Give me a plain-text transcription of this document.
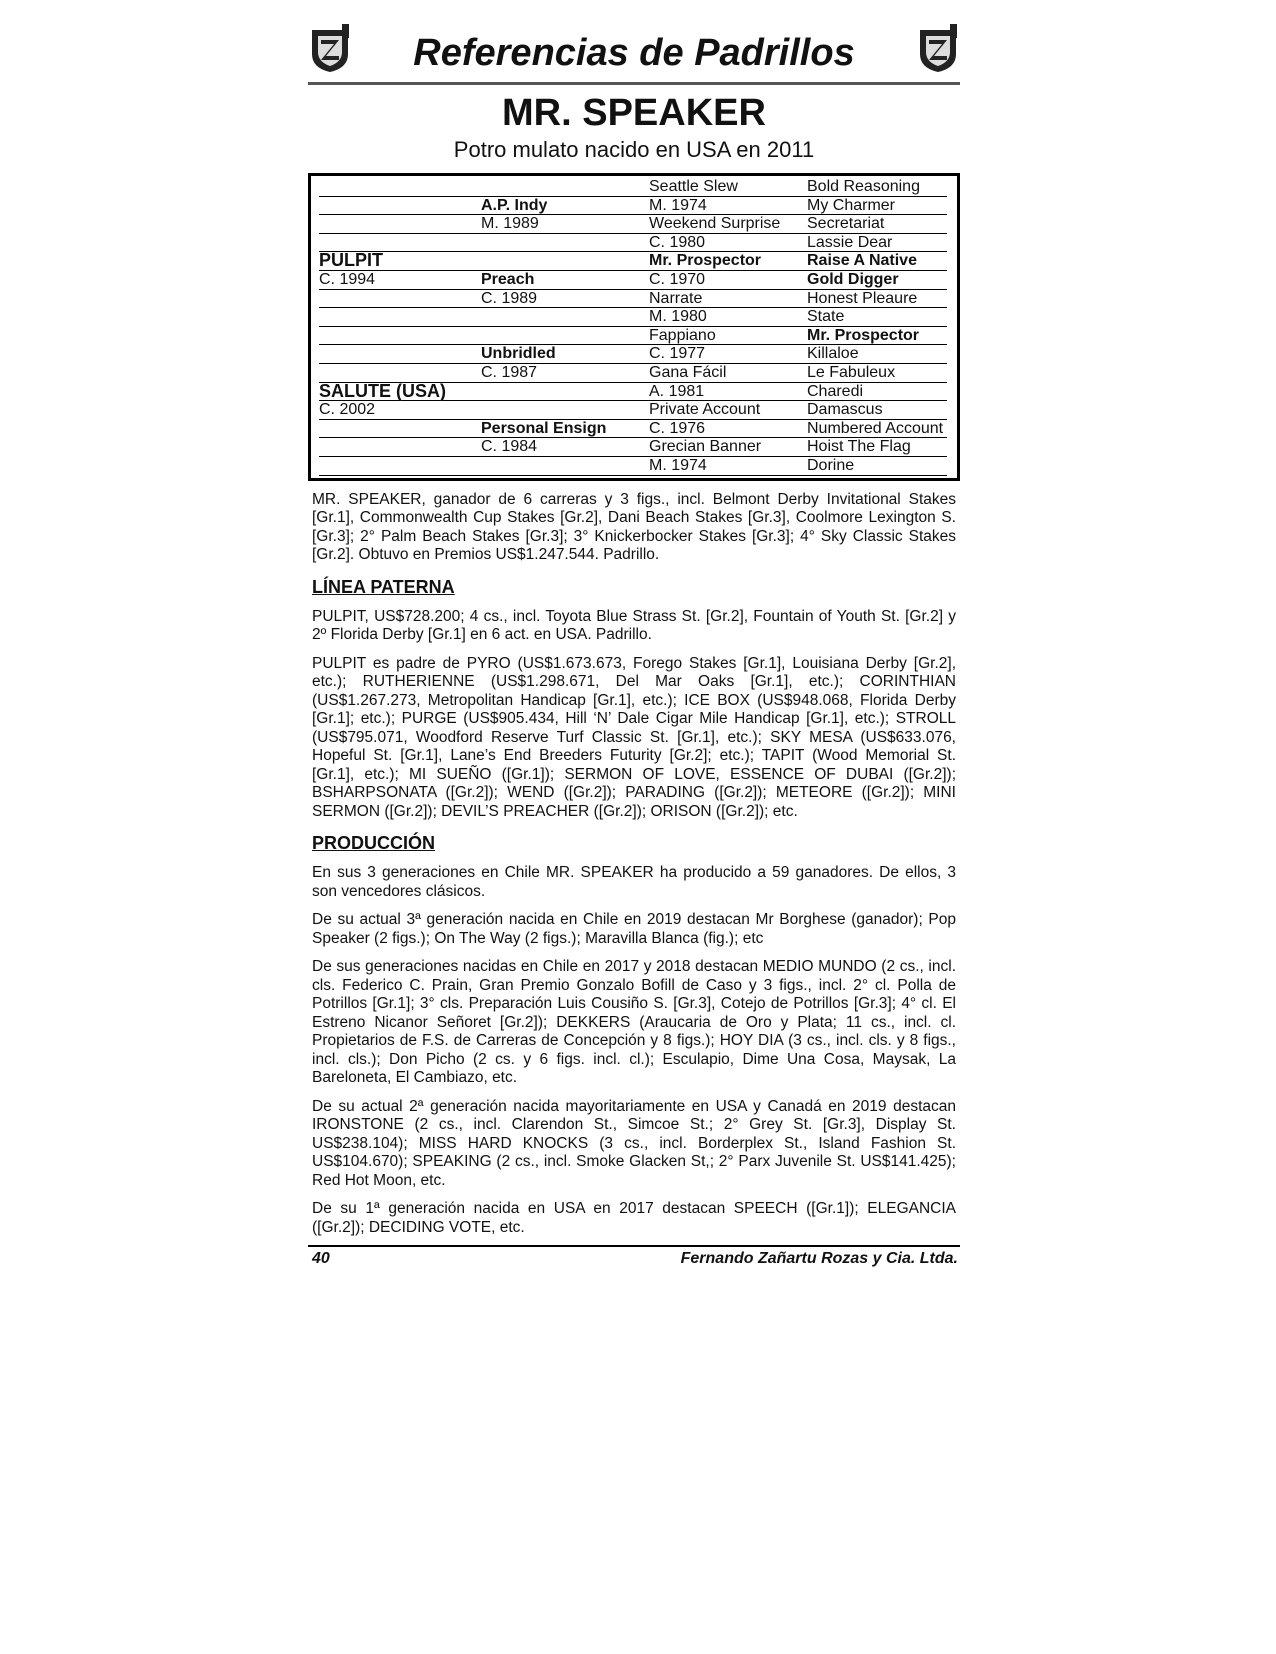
Referencias de Padrillos
MR. SPEAKER
Potro mulato nacido en USA en 2011
		Seattle Slew	Bold Reasoning
	A.P. Indy	M. 1974	My Charmer
	M. 1989	Weekend Surprise	Secretariat
		C. 1980	Lassie Dear
PULPIT		Mr. Prospector	Raise A Native
C. 1994	Preach	C. 1970	Gold Digger
	C. 1989	Narrate	Honest Pleaure
		M. 1980	State
		Fappiano	Mr. Prospector
	Unbridled	C. 1977	Killaloe
	C. 1987	Gana Fácil	Le Fabuleux
SALUTE (USA)		A. 1981	Charedi
C. 2002		Private Account	Damascus
	Personal Ensign	C. 1976	Numbered Account
	C. 1984	Grecian Banner	Hoist The Flag
		M. 1974	Dorine
MR. SPEAKER, ganador de 6 carreras y 3 figs., incl. Belmont Derby Invitational Stakes [Gr.1], Commonwealth Cup Stakes [Gr.2], Dani Beach Stakes [Gr.3], Coolmore Lexington S. [Gr.3]; 2° Palm Beach Stakes [Gr.3]; 3° Knickerbocker Stakes [Gr.3]; 4° Sky Classic Stakes [Gr.2]. Obtuvo en Premios US$1.247.544. Padrillo.
LÍNEA PATERNA
PULPIT, US$728.200; 4 cs., incl. Toyota Blue Strass St. [Gr.2], Fountain of Youth St. [Gr.2] y 2º Florida Derby [Gr.1] en 6 act. en USA. Padrillo.
PULPIT es padre de PYRO (US$1.673.673, Forego Stakes [Gr.1], Louisiana Derby [Gr.2], etc.); RUTHERIENNE (US$1.298.671, Del Mar Oaks [Gr.1], etc.); CORINTHIAN (US$1.267.273, Metropolitan Handicap [Gr.1], etc.); ICE BOX (US$948.068, Florida Derby [Gr.1]; etc.); PURGE (US$905.434, Hill ‘N’ Dale Cigar Mile Handicap [Gr.1], etc.); STROLL (US$795.071, Woodford Reserve Turf Classic St. [Gr.1], etc.); SKY MESA (US$633.076, Hopeful St. [Gr.1], Lane’s End Breeders Futurity [Gr.2]; etc.); TAPIT (Wood Memorial St. [Gr.1], etc.); MI SUEÑO ([Gr.1]); SERMON OF LOVE, ESSENCE OF DUBAI ([Gr.2]); BSHARPSONATA ([Gr.2]); WEND ([Gr.2]); PARADING ([Gr.2]); METEORE ([Gr.2]); MINI SERMON ([Gr.2]); DEVIL’S PREACHER ([Gr.2]); ORISON ([Gr.2]); etc.
PRODUCCIÓN
En sus 3 generaciones en Chile MR. SPEAKER ha producido a 59 ganadores. De ellos, 3 son vencedores clásicos.
De su actual 3ª generación nacida en Chile en 2019 destacan Mr Borghese (ganador); Pop Speaker (2 figs.); On The Way (2 figs.); Maravilla Blanca (fig.); etc
De sus generaciones nacidas en Chile en 2017 y 2018 destacan MEDIO MUNDO (2 cs., incl. cls. Federico C. Prain, Gran Premio Gonzalo Bofill de Caso y 3 figs., incl. 2° cl. Polla de Potrillos [Gr.1]; 3° cls. Preparación Luis Cousiño S. [Gr.3], Cotejo de Potrillos [Gr.3]; 4° cl. El Estreno Nicanor Señoret [Gr.2]); DEKKERS (Araucaria de Oro y Plata; 11 cs., incl. cl. Propietarios de F.S. de Carreras de Concepción y 8 figs.); HOY DIA (3 cs., incl. cls. y 8 figs., incl. cls.); Don Picho (2 cs. y 6 figs. incl. cl.); Esculapio, Dime Una Cosa, Maysak, La Bareloneta, El Cambiazo, etc.
De su actual 2ª generación nacida mayoritariamente en USA y Canadá en 2019 destacan IRONSTONE (2 cs., incl. Clarendon St., Simcoe St.; 2° Grey St. [Gr.3], Display St. US$238.104); MISS HARD KNOCKS (3 cs., incl. Borderplex St., Island Fashion St. US$104.670); SPEAKING (2 cs., incl. Smoke Glacken St,; 2° Parx Juvenile St. US$141.425); Red Hot Moon, etc.
De su 1ª generación nacida en USA en 2017 destacan SPEECH ([Gr.1]); ELEGANCIA ([Gr.2]); DECIDING VOTE, etc.
40	Fernando Zañartu Rozas y Cia. Ltda.
